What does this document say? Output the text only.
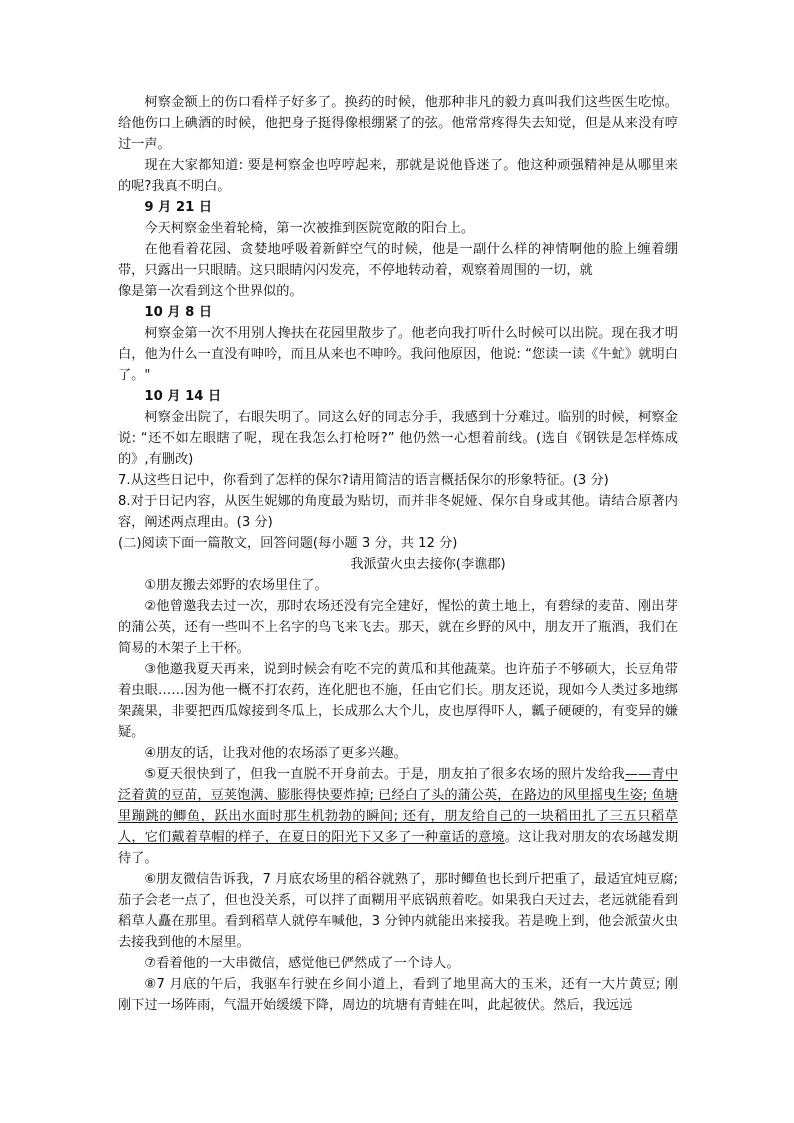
柯察金额上的伤口看样子好多了。换药的时候，他那种非凡的毅力真叫我们这些医生吃惊。给他伤口上碘酒的时候，他把身子挺得像根绷紧了的弦。他常常疼得失去知觉，但是从来没有哼过一声。

现在大家都知道: 要是柯察金也哼哼起来，那就是说他昏迷了。他这种顽强精神是从哪里来的呢?我真不明白。

9 月 21 日

今天柯察金坐着轮椅，第一次被推到医院宽敞的阳台上。

在他看着花园、贪婪地呼吸着新鲜空气的时候，他是一副什么样的神情啊他的脸上缠着绷带，只露出一只眼睛。这只眼睛闪闪发亮，不停地转动着，观察着周围的一切，就

像是第一次看到这个世界似的。

10 月 8 日

柯察金第一次不用别人搀扶在花园里散步了。他老向我打听什么时候可以出院。现在我才明白，他为什么一直没有呻吟，而且从来也不呻吟。我问他原因，他说: “您读一读《牛虻》就明白了。"

10 月 14 日

柯察金出院了，右眼失明了。同这么好的同志分手，我感到十分难过。临别的时候，柯察金说: “还不如左眼瞎了呢，现在我怎么打枪呀?” 他仍然一心想着前线。(选自《钢铁是怎样炼成的》,有删改)

7.从这些日记中，你看到了怎样的保尔?请用简洁的语言概括保尔的形象特征。(3 分)

8.对于日记内容，从医生妮娜的角度最为贴切，而并非冬妮娅、保尔自身或其他。请结合原著内容，阐述两点理由。(3 分)

(二)阅读下面一篇散文，回答问题(每小题 3 分，共 12 分)

我派萤火虫去接你(李谯郡)

①朋友搬去郊野的农场里住了。

②他曾邀我去过一次，那时农场还没有完全建好，惺忪的黄土地上，有碧绿的麦苗、刚出芽的蒲公英，还有一些叫不上名字的鸟飞来飞去。那天，就在乡野的风中，朋友开了瓶酒，我们在简易的木架子上干杯。

③他邀我夏天再来，说到时候会有吃不完的黄瓜和其他蔬菜。也许茄子不够硕大，长豆角带着虫眼……因为他一概不打农药，连化肥也不施，任由它们长。朋友还说，现如今人类过多地绑架蔬果，非要把西瓜嫁接到冬瓜上，长成那么大个儿，皮也厚得吓人，瓤子硬硬的，有变异的嫌疑。

④朋友的话，让我对他的农场添了更多兴趣。

⑤夏天很快到了，但我一直脱不开身前去。于是，朋友拍了很多农场的照片发给我——青中泛着黄的豆苗，豆荚饱满、膨胀得快要炸掉; 已经白了头的蒲公英，在路边的风里摇曳生姿; 鱼塘里蹦跳的鲫鱼，跃出水面时那生机勃勃的瞬间; 还有，朋友给自己的一块稻田扎了三五只稻草人，它们戴着草帽的样子，在夏日的阳光下又多了一种童话的意境。这让我对朋友的农场越发期待了。

⑥朋友微信告诉我，7 月底农场里的稻谷就熟了，那时鲫鱼也长到斤把重了，最适宜炖豆腐; 茄子会老一点了，但也没关系，可以拌了面糊用平底锅煎着吃。如果我白天过去，老远就能看到稻草人矗在那里。看到稻草人就停车喊他，3 分钟内就能出来接我。若是晚上到，他会派萤火虫去接我到他的木屋里。

⑦看着他的一大串微信，感觉他已俨然成了一个诗人。

⑧7 月底的午后，我驱车行驶在乡间小道上，看到了地里高大的玉米，还有一大片黄豆; 刚刚下过一场阵雨，气温开始缓缓下降，周边的坑塘有青蛙在叫，此起彼伏。然后，我远远
